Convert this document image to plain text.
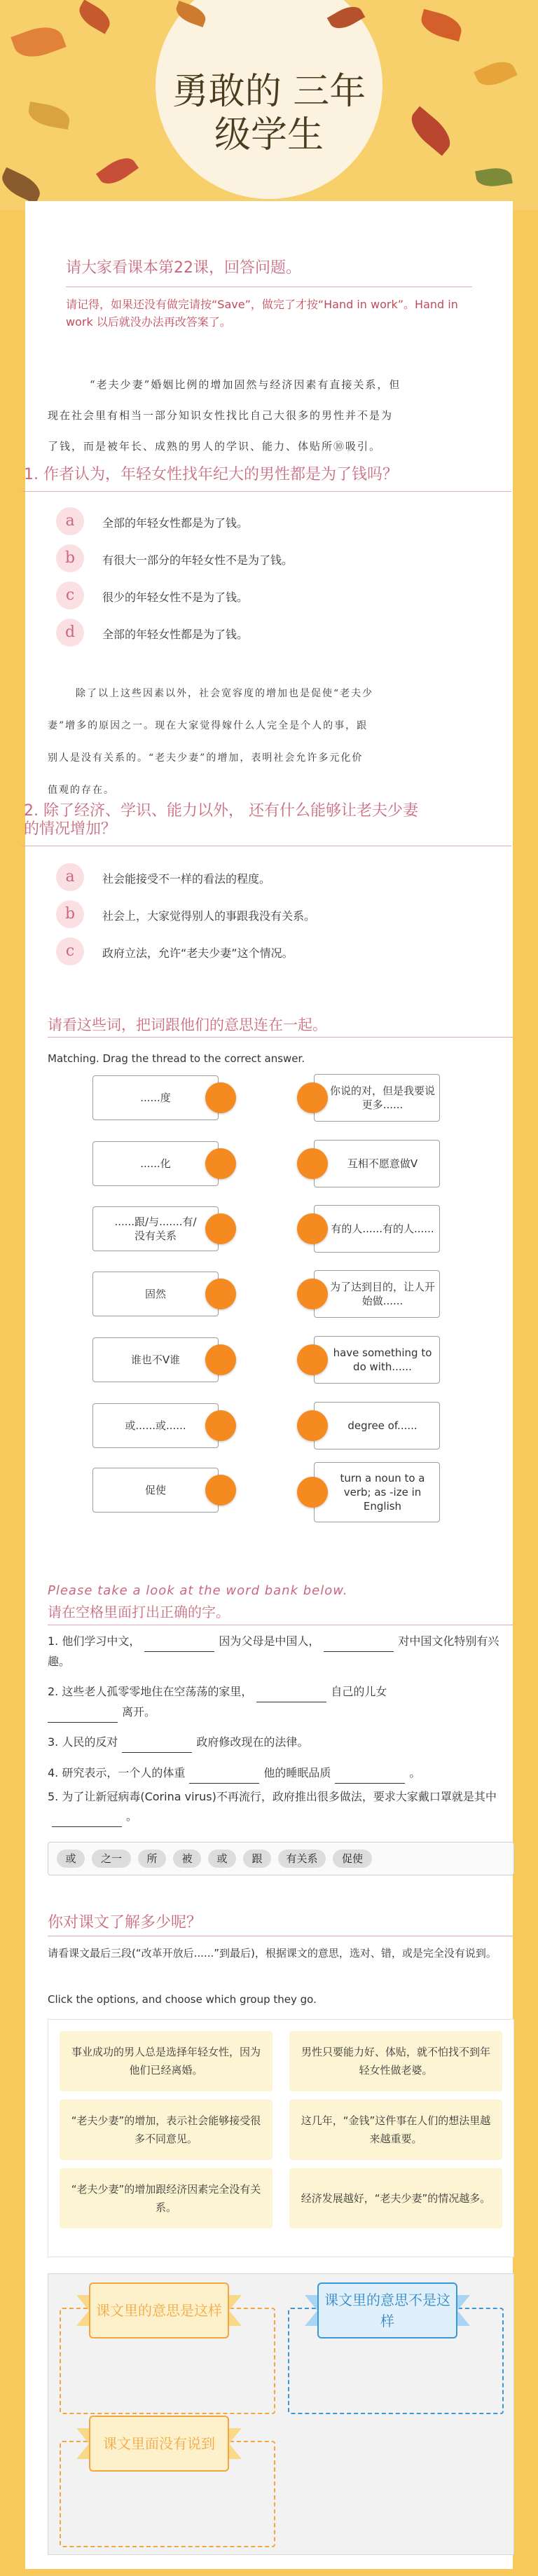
勇敢的 三年
级学生
请大家看课本第22课，回答问题。
请记得，如果还没有做完请按“Save”，做完了才按“Hand in work”。Hand in work 以后就没办法再改答案了。
“老夫少妻”婚姻比例的增加固然与经济因素有直接关系，但
现在社会里有相当一部分知识女性找比自己大很多的男性并不是为
了钱，而是被年长、成熟的男人的学识、能力、体贴所⑩吸引。
1. 作者认为，年轻女性找年纪大的男性都是为了钱吗？
a	全部的年轻女性都是为了钱。
b	有很大一部分的年轻女性不是为了钱。
c	很少的年轻女性不是为了钱。
d	全部的年轻女性都是为了钱。
除了以上这些因素以外，社会宽容度的增加也是促使“老夫少
妻”增多的原因之一。现在大家觉得嫁什么人完全是个人的事，跟
别人是没有关系的。“老夫少妻”的增加，表明社会允许多元化价
值观的存在。
2. 除了经济、学识、能力以外， 还有什么能够让老夫少妻
的情况增加？
a	社会能接受不一样的看法的程度。
b	社会上，大家觉得别人的事跟我没有关系。
c	政府立法，允许“老夫少妻”这个情况。
请看这些词，把词跟他们的意思连在一起。
Matching. Drag the thread to the correct answer.
......度
......化
......跟/与.......有/没有关系
固然
谁也不V谁
或......或......
促使
你说的对，但是我要说更多......
互相不愿意做V
有的人......有的人......
为了达到目的，让人开始做......
have something to do with......
degree of......
turn a noun to a verb; as -ize in English
Please take a look at the word bank below.
请在空格里面打出正确的字。
1. 他们学习中文，	因为父母是中国人，	对中国文化特别有兴趣。
2. 这些老人孤零零地住在空荡荡的家里，	自己的儿女
离开。
3. 人民的反对	政府修改现在的法律。
4. 研究表示，一个人的体重	他的睡眠品质	。
5. 为了让新冠病毒(Corina virus)不再流行，政府推出很多做法，要求大家戴口罩就是其中 。
或	之一	所	被	或	跟	有关系	促使
你对课文了解多少呢？
请看课文最后三段(“改革开放后......”到最后)，根据课文的意思，选对、错，或是完全没有说到。
Click the options, and choose which group they go.
事业成功的男人总是选择年轻女性，因为他们已经离婚。
男性只要能力好、体贴，就不怕找不到年轻女性做老婆。
“老夫少妻”的增加，表示社会能够接受很多不同意见。
这几年，“金钱”这件事在人们的想法里越来越重要。
“老夫少妻”的增加跟经济因素完全没有关系。
经济发展越好，“老夫少妻”的情况越多。
课文里的意思是这样
课文里的意思不是这样
课文里面没有说到
